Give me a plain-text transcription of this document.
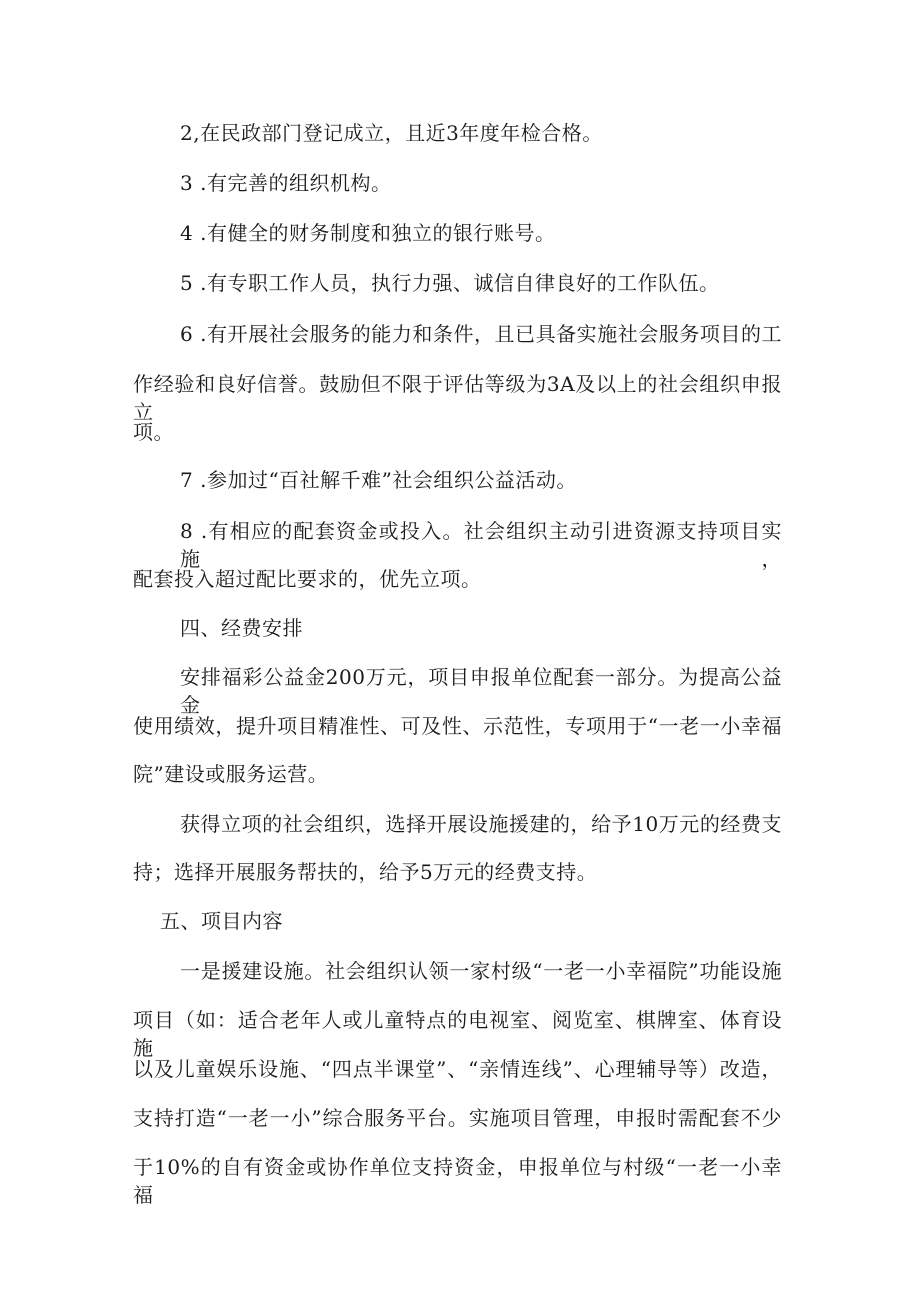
2,在民政部门登记成立，且近3年度年检合格。
3 .有完善的组织机构。
4 .有健全的财务制度和独立的银行账号。
5 .有专职工作人员，执行力强、诚信自律良好的工作队伍。
6 .有开展社会服务的能力和条件，且已具备实施社会服务项目的工
作经验和良好信誉。鼓励但不限于评估等级为3A及以上的社会组织申报立
项。
7 .参加过“百社解千难”社会组织公益活动。
8 .有相应的配套资金或投入。社会组织主动引进资源支持项目实施，
配套投入超过配比要求的，优先立项。
四、经费安排
安排福彩公益金200万元，项目申报单位配套一部分。为提高公益金
使用绩效，提升项目精准性、可及性、示范性，专项用于“一老一小幸福
院”建设或服务运营。
获得立项的社会组织，选择开展设施援建的，给予10万元的经费支
持；选择开展服务帮扶的，给予5万元的经费支持。
五、项目内容
一是援建设施。社会组织认领一家村级“一老一小幸福院”功能设施
项目（如：适合老年人或儿童特点的电视室、阅览室、棋牌室、体育设施
以及儿童娱乐设施、“四点半课堂”、“亲情连线”、心理辅导等）改造，
支持打造“一老一小”综合服务平台。实施项目管理，申报时需配套不少
于10%的自有资金或协作单位支持资金，申报单位与村级“一老一小幸福
